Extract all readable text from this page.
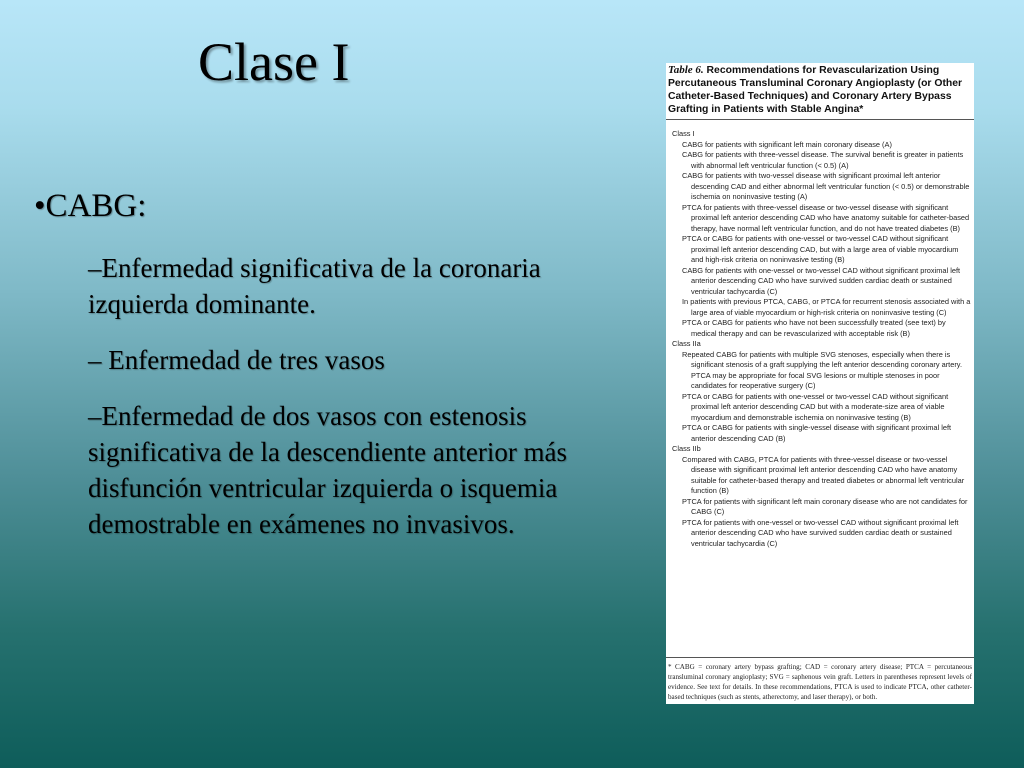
Clase I
•CABG:
–Enfermedad significativa de la coronaria izquierda dominante.
– Enfermedad de tres vasos
–Enfermedad de dos vasos con estenosis significativa de la descendiente anterior más disfunción ventricular izquierda o isquemia demostrable en exámenes no invasivos.
Table 6. Recommendations for Revascularization Using Percutaneous Transluminal Coronary Angioplasty (or Other Catheter-Based Techniques) and Coronary Artery Bypass Grafting in Patients with Stable Angina*
Class I
CABG for patients with significant left main coronary disease (A)
CABG for patients with three-vessel disease. The survival benefit is greater in patients with abnormal left ventricular function (< 0.5) (A)
CABG for patients with two-vessel disease with significant proximal left anterior descending CAD and either abnormal left ventricular function (< 0.5) or demonstrable ischemia on noninvasive testing (A)
PTCA for patients with three-vessel disease or two-vessel disease with significant proximal left anterior descending CAD who have anatomy suitable for catheter-based therapy, have normal left ventricular function, and do not have treated diabetes (B)
PTCA or CABG for patients with one-vessel or two-vessel CAD without significant proximal left anterior descending CAD, but with a large area of viable myocardium and high-risk criteria on noninvasive testing (B)
CABG for patients with one-vessel or two-vessel CAD without significant proximal left anterior descending CAD who have survived sudden cardiac death or sustained ventricular tachycardia (C)
In patients with previous PTCA, CABG, or PTCA for recurrent stenosis associated with a large area of viable myocardium or high-risk criteria on noninvasive testing (C)
PTCA or CABG for patients who have not been successfully treated (see text) by medical therapy and can be revascularized with acceptable risk (B)
Class IIa
Repeated CABG for patients with multiple SVG stenoses, especially when there is significant stenosis of a graft supplying the left anterior descending coronary artery. PTCA may be appropriate for focal SVG lesions or multiple stenoses in poor candidates for reoperative surgery (C)
PTCA or CABG for patients with one-vessel or two-vessel CAD without significant proximal left anterior descending CAD but with a moderate-size area of viable myocardium and demonstrable ischemia on noninvasive testing (B)
PTCA or CABG for patients with single-vessel disease with significant proximal left anterior descending CAD (B)
Class IIb
Compared with CABG, PTCA for patients with three-vessel disease or two-vessel disease with significant proximal left anterior descending CAD who have anatomy suitable for catheter-based therapy and treated diabetes or abnormal left ventricular function (B)
PTCA for patients with significant left main coronary disease who are not candidates for CABG (C)
PTCA for patients with one-vessel or two-vessel CAD without significant proximal left anterior descending CAD who have survived sudden cardiac death or sustained ventricular tachycardia (C)
* CABG = coronary artery bypass grafting; CAD = coronary artery disease; PTCA = percutaneous transluminal coronary angioplasty; SVG = saphenous vein graft. Letters in parentheses represent levels of evidence. See text for details. In these recommendations, PTCA is used to indicate PTCA, other catheter-based techniques (such as stents, atherectomy, and laser therapy), or both.
